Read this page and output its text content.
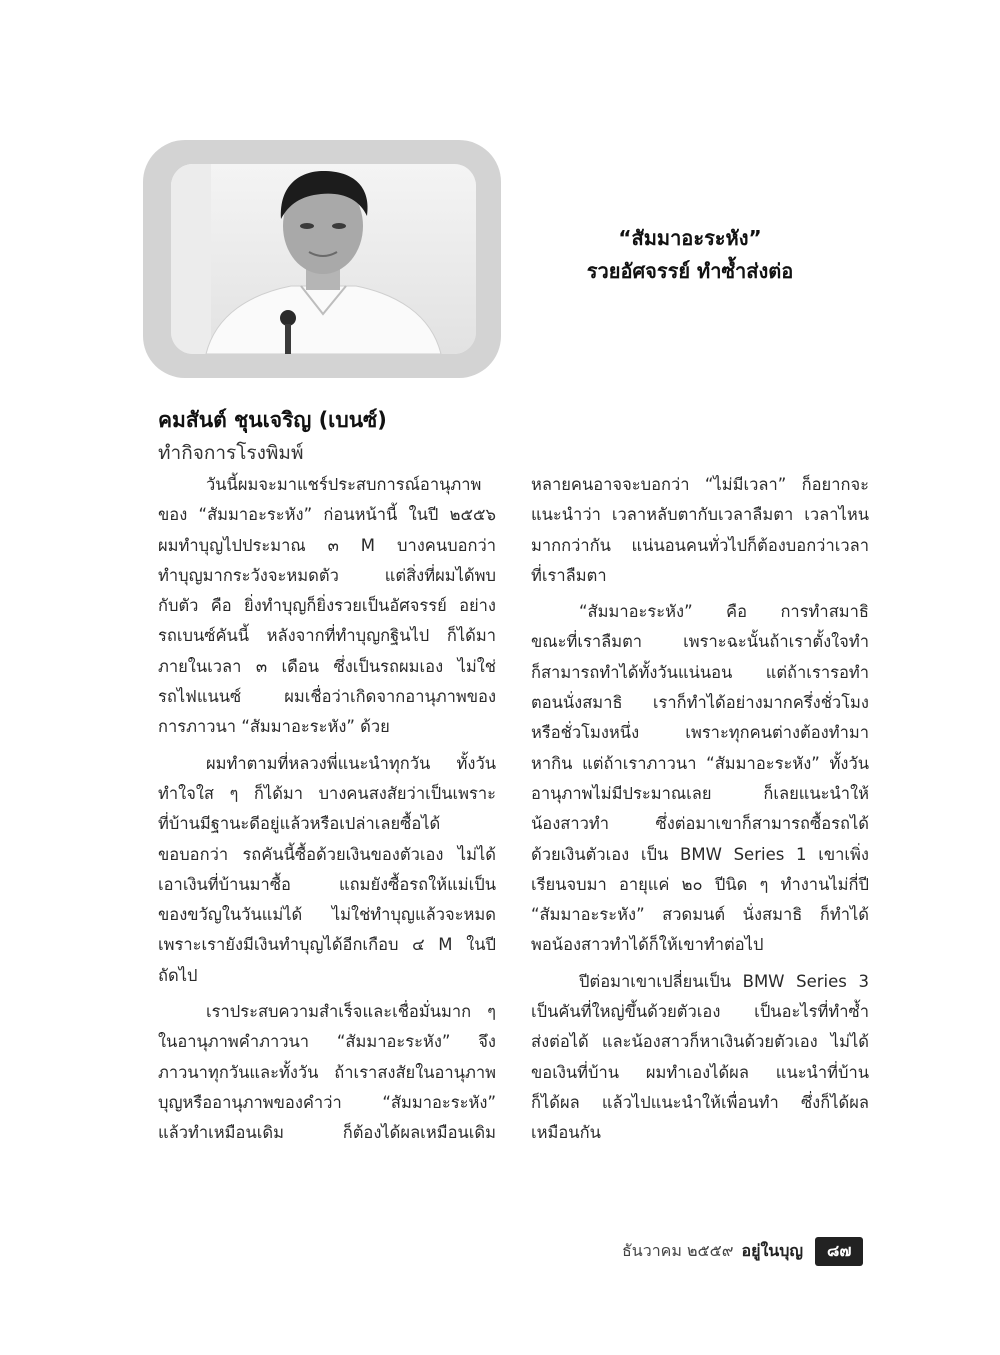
“สัมมาอะระหัง”
รวยอัศจรรย์ ทำซ้ำส่งต่อ
คมสันต์ ชุนเจริญ (เบนซ์)
ทำกิจการโรงพิมพ์
วันนี้ผมจะมาแชร์ประสบการณ์อานุภาพ
ของ “สัมมาอะระหัง” ก่อนหน้านี้ ในปี ๒๕๕๖
ผมทำบุญไปประมาณ ๓ M บางคนบอกว่า
ทำบุญมากระวังจะหมดตัว แต่สิ่งที่ผมได้พบ
กับตัว คือ ยิ่งทำบุญก็ยิ่งรวยเป็นอัศจรรย์ อย่าง
รถเบนซ์คันนี้ หลังจากที่ทำบุญกฐินไป ก็ได้มา
ภายในเวลา ๓ เดือน ซึ่งเป็นรถผมเอง ไม่ใช่
รถไฟแนนซ์ ผมเชื่อว่าเกิดจากอานุภาพของ
การภาวนา “สัมมาอะระหัง” ด้วย
ผมทำตามที่หลวงพี่แนะนำทุกวัน ทั้งวัน
ทำใจใส ๆ ก็ได้มา บางคนสงสัยว่าเป็นเพราะ
ที่บ้านมีฐานะดีอยู่แล้วหรือเปล่าเลยซื้อได้
ขอบอกว่า รถคันนี้ซื้อด้วยเงินของตัวเอง ไม่ได้
เอาเงินที่บ้านมาซื้อ แถมยังซื้อรถให้แม่เป็น
ของขวัญในวันแม่ได้ ไม่ใช่ทำบุญแล้วจะหมด
เพราะเรายังมีเงินทำบุญได้อีกเกือบ ๔ M ในปี
ถัดไป
เราประสบความสำเร็จและเชื่อมั่นมาก ๆ
ในอานุภาพคำภาวนา “สัมมาอะระหัง” จึง
ภาวนาทุกวันและทั้งวัน ถ้าเราสงสัยในอานุภาพ
บุญหรืออานุภาพของคำว่า “สัมมาอะระหัง”
แล้วทำเหมือนเดิม ก็ต้องได้ผลเหมือนเดิม
หลายคนอาจจะบอกว่า “ไม่มีเวลา” ก็อยากจะ
แนะนำว่า เวลาหลับตากับเวลาลืมตา เวลาไหน
มากกว่ากัน แน่นอนคนทั่วไปก็ต้องบอกว่าเวลา
ที่เราลืมตา
“สัมมาอะระหัง” คือ การทำสมาธิ
ขณะที่เราลืมตา เพราะฉะนั้นถ้าเราตั้งใจทำ
ก็สามารถทำได้ทั้งวันแน่นอน แต่ถ้าเรารอทำ
ตอนนั่งสมาธิ เราก็ทำได้อย่างมากครึ่งชั่วโมง
หรือชั่วโมงหนึ่ง เพราะทุกคนต่างต้องทำมา
หากิน แต่ถ้าเราภาวนา “สัมมาอะระหัง” ทั้งวัน
อานุภาพไม่มีประมาณเลย ก็เลยแนะนำให้
น้องสาวทำ ซึ่งต่อมาเขาก็สามารถซื้อรถได้
ด้วยเงินตัวเอง เป็น BMW Series 1 เขาเพิ่ง
เรียนจบมา อายุแค่ ๒๐ ปีนิด ๆ ทำงานไม่กี่ปี
“สัมมาอะระหัง” สวดมนต์ นั่งสมาธิ ก็ทำได้
พอน้องสาวทำได้ก็ให้เขาทำต่อไป
ปีต่อมาเขาเปลี่ยนเป็น BMW Series 3
เป็นคันที่ใหญ่ขึ้นด้วยตัวเอง เป็นอะไรที่ทำซ้ำ
ส่งต่อได้ และน้องสาวก็หาเงินด้วยตัวเอง ไม่ได้
ขอเงินที่บ้าน ผมทำเองได้ผล แนะนำที่บ้าน
ก็ได้ผล แล้วไปแนะนำให้เพื่อนทำ ซึ่งก็ได้ผล
เหมือนกัน
ธันวาคม ๒๕๕๙ อยู่ในบุญ	๘๗
